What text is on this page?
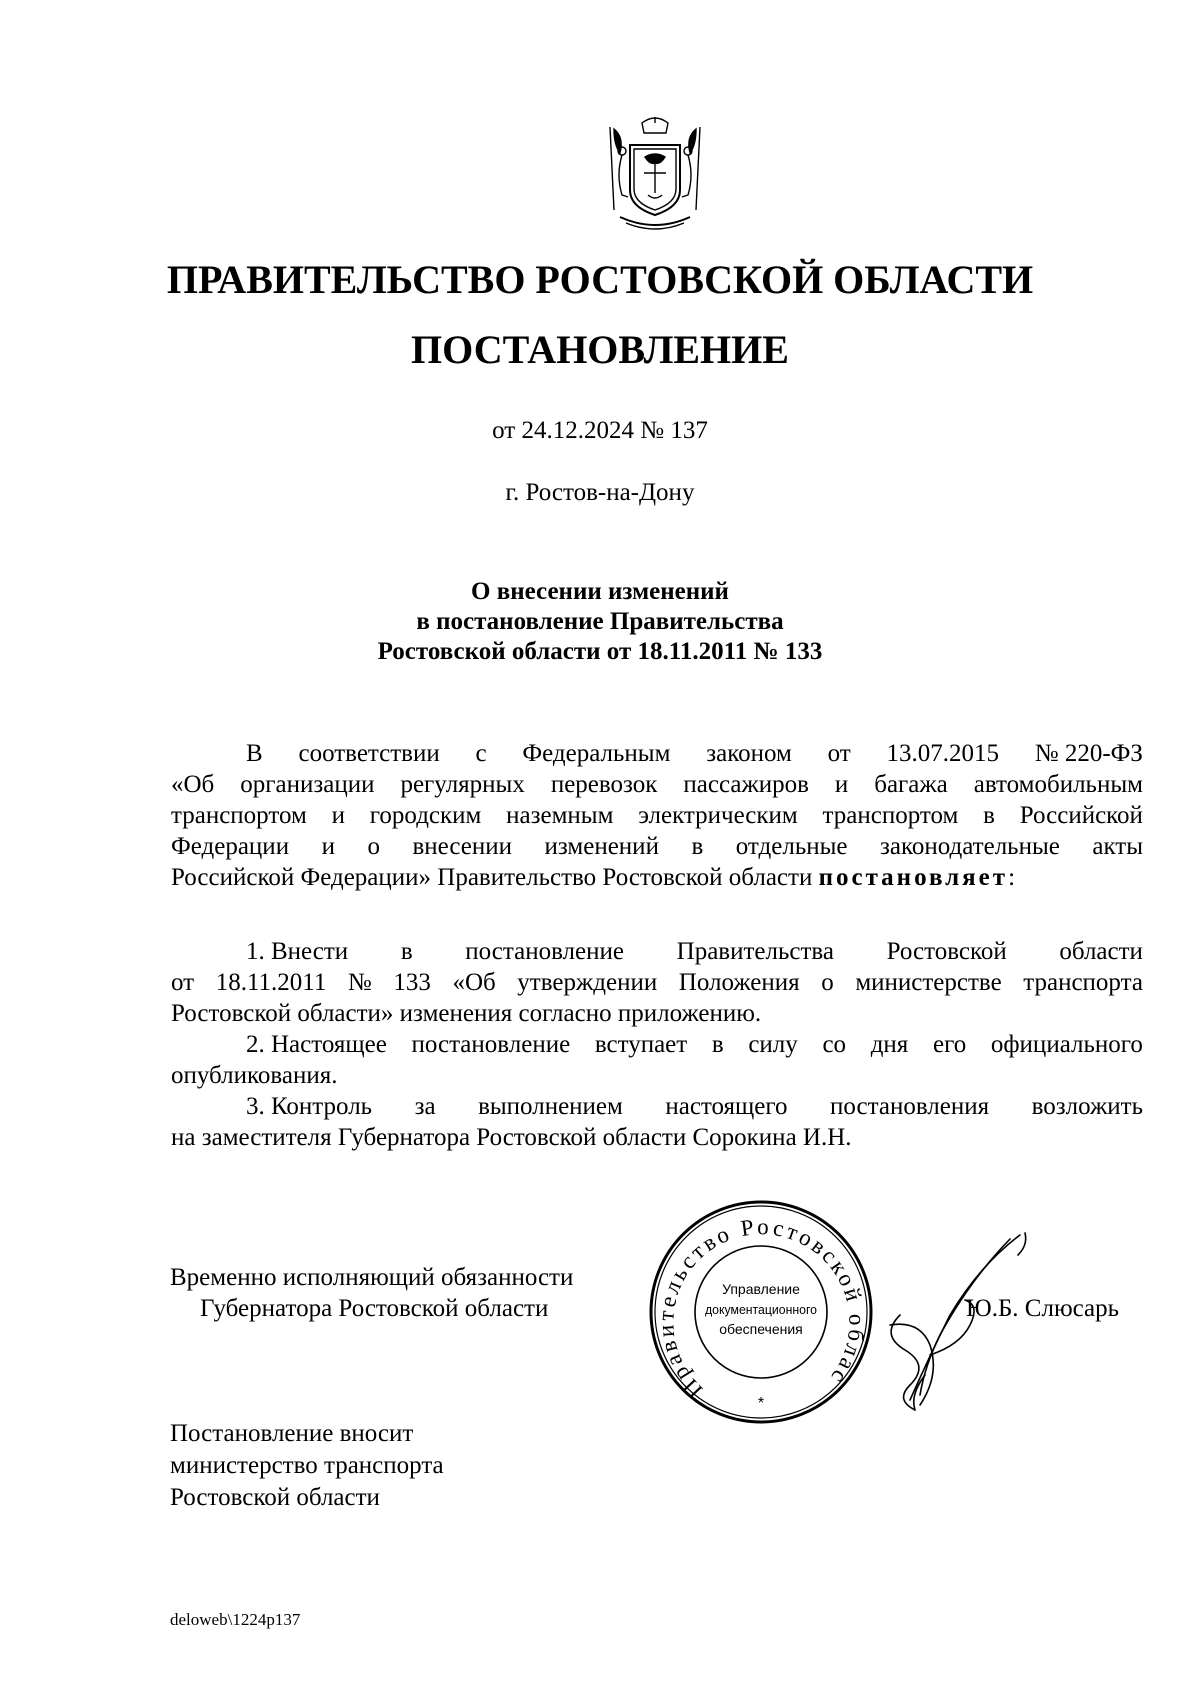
ПРАВИТЕЛЬСТВО РОСТОВСКОЙ ОБЛАСТИ
ПОСТАНОВЛЕНИЕ
от 24.12.2024 № 137
г. Ростов-на-Дону
О внесении изменений
в постановление Правительства
Ростовской области от 18.11.2011 № 133
В соответствии с Федеральным законом от 13.07.2015 № 220-ФЗ
«Об организации регулярных перевозок пассажиров и багажа автомобильным
транспортом и городским наземным электрическим транспортом в Российской
Федерации и о внесении изменений в отдельные законодательные акты
Российской Федерации» Правительство Ростовской области постановляет:
1. Внести в постановление Правительства Ростовской области
от 18.11.2011 № 133 «Об утверждении Положения о министерстве транспорта
Ростовской области» изменения согласно приложению.
2. Настоящее постановление вступает в силу со дня его официального
опубликования.
3. Контроль за выполнением настоящего постановления возложить
на заместителя Губернатора Ростовской области Сорокина И.Н.
Временно исполняющий обязанности
Губернатора Ростовской области
Правительство Ростовской облас
Управление
документационного
обеспечения
*
Ю.Б. Слюсарь
Постановление вносит
министерство транспорта
Ростовской области
deloweb\1224p137
